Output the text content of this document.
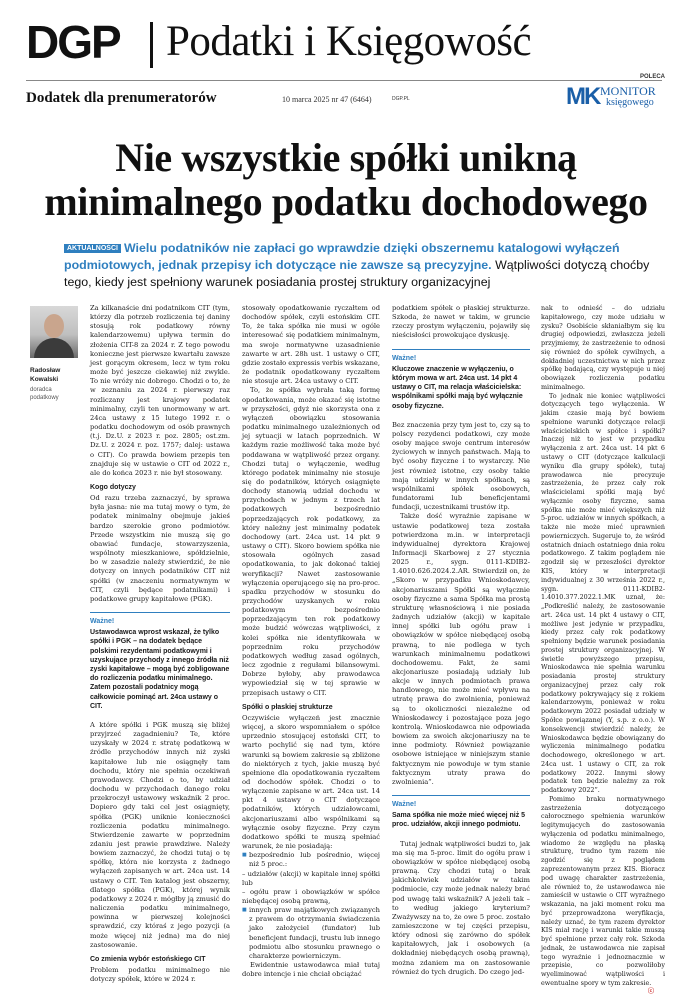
DGP Podatki i Księgowość
Dodatek dla prenumeratorów	10 marca 2025 nr 47 (6464)	DGP.PL
POLECA
MK MONITOR
księgowego
Nie wszystkie spółki unikną minimalnego podatku dochodowego
AKTUALNOŚCI Wielu podatników nie zapłaci go wprawdzie dzięki obszernemu katalogowi wyłączeń podmiotowych, jednak przepisy ich dotyczące nie zawsze są precyzyjne. Wątpliwości dotyczą choćby tego, kiedy jest spełniony warunek posiadania prostej struktury organizacyjnej
Radosław Kowalski
doradca podatkowy

Za kilkanaście dni podatnikom CIT (tym, którzy dla potrzeb rozliczenia tej daniny stosują rok podatkowy równy kalendarzowemu) upływa termin do złożenia CIT-8 za 2024 r. Z tego powodu konieczne jest pierwsze kwartału zawsze jest gorącym okresem, lecz w tym roku może być jeszcze ciekawiej niż zwykle. To nie wróży nic dobrego. Chodzi o to, że w zeznaniu za 2024 r. pierwszy raz rozliczany jest krajowy podatek minimalny, czyli ten unormowany w art. 24ca ustawy z 15 lutego 1992 r. o podatku dochodowym od osób prawnych (t.j. Dz.U. z 2023 r. poz. 2805; ost.zm. Dz.U. z 2024 r. poz. 1757; dalej: ustawa o CIT). Co prawda bowiem przepis ten znajduje się w ustawie o CIT od 2022 r., ale do końca 2023 r. nie był stosowany.

Kogo dotyczy

Od razu trzeba zaznaczyć, by sprawa była jasna: nie ma tutaj mowy o tym, że podatek minimalny obejmuje jakieś bardzo szerokie grono podmiotów. Przede wszystkim nie muszą się go obawiać fundacje, stowarzyszenia, wspólnoty mieszkaniowe, spółdzielnie, bo w zasadzie należy stwierdzić, że nie dotyczy on innych podatników CIT niż spółki (w znaczeniu normatywnym w CIT, czyli będące podatnikami) i podatkowe grupy kapitałowe (PGK).

Ważne!
Ustawodawca wprost wskazał, że tylko spółki i PGK – na dodatek będące polskimi rezydentami podatkowymi i uzyskujące przychody z innego źródła niż zyski kapitałowe – mogą być zobligowane do rozliczenia podatku minimalnego. Zatem pozostali podatnicy mogą całkowicie pominąć art. 24ca ustawy o CIT.

A które spółki i PGK muszą się bliżej przyjrzeć zagadnieniu? Te, które uzyskały w 2024 r. stratę podatkową w źródle przychodów innych niż zyski kapitałowe lub nie osiągnęły tam dochodu, który nie spełnia oczekiwań prawodawcy. Chodzi o to, by udział dochodu w przychodach danego roku przekroczył ustawowy wskaźnik 2 proc. Dopiero gdy taki cel jest osiągnięty, spółka (PGK) uniknie konieczności rozliczenia podatku minimalnego. Stwierdzenie zawarte w poprzednim zdaniu jest prawie prawdziwe. Należy bowiem zaznaczyć, że chodzi tutaj o tę spółkę, która nie korzysta z żadnego wyłączeń zapisanych w art. 24ca ust. 14 ustawy o CIT. Ten katalog jest obszerny, dlatego spółka (PGK), której wynik podatkowy z 2024 r. mógłby ją zmusić do naliczenia podatku minimalnego, powinna w pierwszej kolejności sprawdzić, czy któraś z jego pozycji (a może więcej niż jedna) ma do niej zastosowanie.

Co zmienia wybór estońskiego CIT

Problem podatku minimalnego nie dotyczy spółek, które w 2024 r.

stosowały opodatkowanie ryczałtem od dochodów spółek, czyli estońskim CIT. To, że taka spółka nie musi w ogóle interesować się podatkiem minimalnym, ma swoje normatywne uzasadnienie zawarte w art. 28h ust. 1 ustawy o CIT, gdzie zostało expressis verbis wskazane, że podatnik opodatkowany ryczałtem nie stosuje art. 24ca ustawy o CIT.

To, że spółka wybrała taką formę opodatkowania, może okazać się istotne w przyszłości, gdyż nie skorzysta ona z wyłączeń obowiązku stosowania podatku minimalnego uzależnionych od jej sytuacji w latach poprzednich. W każdym razie możliwość taka może być poddawana w wątpliwość przez organy. Chodzi tutaj o wyłączenie, według którego podatek minimalny nie stosuje się do podatników, których osiągnięte dochody stanowią udział dochodu w przychodach w jednym z trzech lat podatkowych bezpośrednio poprzedzających rok podatkowy, za który należny jest minimalny podatek dochodowy (art. 24ca ust. 14 pkt 9 ustawy o CIT). Skoro bowiem spółka nie stosowała ogólnych zasad opodatkowania, to jak dokonać takiej weryfikacji? Nawet zastosowanie wyłączenia operującego się na pro-proc. spadku przychodów w stosunku do przychodów uzyskanych w roku podatkowym bezpośrednio poprzedzającym ten rok podatkowy może budzić wówczas wątpliwości, z kolei spółka nie identyfikowała w poprzednim roku przychodów podatkowych według zasad ogólnych, lecz zgodnie z regułami bilansowymi. Dobrze byłoby, aby prawodawca wypowiedział się w tej sprawie w przepisach ustawy o CIT.

Spółki o płaskiej strukturze

Oczywiście wyłączeń jest znacznie więcej, a skoro wspomniałem o spółce uprzednio stosującej estoński CIT, to warto pochylić się nad tym, które warunki są bowiem zakresie są zbliżone do niektórych z tych, jakie muszą być spełnione dla opodatkowania ryczałtem od dochodów spółek. Chodzi o to wyłączenie zapisane w art. 24ca ust. 14 pkt 4 ustawy o CIT dotyczące podatników, których udziałowcami, akcjonariuszami albo wspólnikami są wyłącznie osoby fizyczne. Przy czym dodatkowo spółki te muszą spełniać warunek, że nie posiadają:

■ bezpośrednio lub pośrednio, więcej niż 5 proc.:

– udziałów (akcji) w kapitale innej spółki lub

– ogółu praw i obowiązków w spółce niebędącej osobą prawną,

■ innych praw majątkowych związanych z prawem do otrzymania świadczenia jako założyciel (fundator) lub beneficjent fundacji, trustu lub innego podmiotu albo stosunku prawnego o charakterze powierniczym.

Ewidentnie ustawodawca miał tutaj dobre intencje i nie chciał obciążać

podatkiem spółek o płaskiej strukturze. Szkoda, że nawet w takim, w gruncie rzeczy prostym wyłączeniu, pojawiły się nieścisłości prowokujące dyskusję.

Ważne!
Kluczowe znaczenie w wyłączeniu, o którym mowa w art. 24ca ust. 14 pkt 4 ustawy o CIT, ma relacja właścicielska: wspólnikami spółki mają być wyłącznie osoby fizyczne.

Bez znaczenia przy tym jest to, czy są to polscy rezydenci podatkowi, czy może osoby mające swoje centrum interesów życiowych w innych państwach. Mają to być osoby fizyczne i to wystarczy. Nie jest również istotne, czy osoby takie mają udziały w innych spółkach, są wspólnikami spółek osobowych, fundatorami lub beneficjentami fundacji, uczestnikami trustów itp.

Także dość wyraźnie zapisane w ustawie podatkowej teza została potwierdzona m.in. w interpretacji indywidualnej dyrektora Krajowej Informacji Skarbowej z 27 stycznia 2025 r., sygn. 0111-KDIB2-1.4010.626.2024.2.AR. Stwierdził on, że „Skoro w przypadku Wnioskodawcy, akcjonariuszami Spółki są wyłącznie osoby fizyczne a sama Spółka ma prostą strukturę własnościową i nie posiada żadnych udziałów (akcji) w kapitale innej spółki lub ogółu praw i obowiązków w spółce niebędącej osobą prawną, to nie podlega w tych warunkach minimalnemu podatkowi dochodowemu. Fakt, że sami akcjonariusze posiadają udziały lub akcje w innych podmiotach prawa handlowego, nie może mieć wpływu na utratę prawa do zwolnienia, ponieważ są to okoliczności niezależne od Wnioskodawcy i pozostające poza jego kontrolą. Wnioskodawca nie odpowiada bowiem za swoich akcjonariuszy na te inne podmioty. Również powiązanie osobowe istniejące w niniejszym stanie faktycznym nie powoduje w tym stanie faktycznym utraty prawa do zwolnienia”.

Ważne!
Sama spółka nie może mieć więcej niż 5 proc. udziałów, akcji innego podmiotu.

Tutaj jednak wątpliwości budzi to, jak ma się ma 5-proc. limit do ogółu praw i obowiązków w spółce niebędącej osobą prawną. Czy chodzi tutaj o brak jakichkolwiek udziałów w takim podmiocie, czy może jednak należy brać pod uwagę taki wskaźnik? A jeżeli tak – to według jakiego kryterium? Zważywszy na to, że owe 5 proc. zostało zamieszczone w tej części przepisu, który odnosi się zarówno do spółek kapitałowych, jak i osobowych (a dokładniej niebędących osobą prawną), można zdaniem ma on zastosowanie również do tych drugich. Do czego jed-

nak to odnieść – do udziału kapitałowego, czy może udziału w zysku? Osobiście skłaniałbym się ku drugiej odpowiedzi, zwłaszcza jeżeli przyjmiemy, że zastrzeżenie to odnosi się również do spółek cywilnych, a dokładniej uczestnictwa w nich przez spółkę badającą, czy występuje u niej obowiązek rozliczenia podatku minimalnego.

To jednak nie koniec wątpliwości dotyczących tego wyłączenia. W jakim czasie mają być bowiem spełnione warunki dotyczące relacji właścicielskich w spółce i spółki? Inaczej niż to jest w przypadku wyłączenia z art. 24ca ust. 14 pkt 6 ustawy o CIT (dotyczące kalkulacji wyniku dla grupy spółek), tutaj prawodawca nie precyzuje zastrzeżenia, że przez cały rok właścicielami spółki mają być wyłącznie osoby fizyczne, sama spółka nie może mieć większych niż 5-proc. udziałów w innych spółkach, a także nie może mieć uprawnień powierniczych. Sugeruje to, że wśród ostatnich dniach ostatniego dnia roku podatkowego. Z takim poglądem nie zgodził się w przeszłości dyrektor KIS, który w interpretacji indywidualnej z 30 września 2022 r., sygn. 0111-KDIB2-1.4010.377.2022.1.MK uznał, że: „Podkreślić należy, że zastosowanie art. 24ca ust. 14 pkt 4 ustawy o CIT, możliwe jest jedynie w przypadku, kiedy przez cały rok podatkowy spełniony będzie warunek posiadania prostej struktury organizacyjnej. W świetle powyższego przepisu, Wnioskodawca nie spełnia warunku posiadania prostej struktury organizacyjnej przez cały rok podatkowy pokrywający się z rokiem kalendarzowym, ponieważ w roku podatkowym 2022 posiadał udziały w Spółce powiązanej (Y, s.p. z o.o.). W konsekwencji stwierdzić należy, że Wnioskodawca będzie obowiązany do wyliczenia minimalnego podatku dochodowego, określonego w art. 24ca ust. 1 ustawy o CIT, za rok podatkowy 2022. Innymi słowy podatek ten będzie należny za rok podatkowy 2022”.

Pomimo braku normatywnego zastrzeżenia dotyczącego całorocznego spełnienia warunków legitymujących do zastosowania wyłączenia od podatku minimalnego, wiadomo że względu na płaską strukturę, trudno tym razem nie zgodzić się z poglądem zaprezentowanym przez KIS. Bioracz pod uwagę charakter zastrzeżenia, ale również to, że ustawodawca nie zamieścił w ustawie o CIT wyraźnego wskazania, na jaki moment roku ma być przeprowadzona weryfikacja, należy uznać, że tym razem dyrektor KIS miał rację i warunki takie muszą być spełnione przez cały rok. Szkoda jednak, że ustawodawca nie zapisał tego wyraźnie i jednoznacznie w przepisie, co pozwoliłoby wyeliminować wątpliwości i ewentualne spory w tym zakresie.

ⓒ
